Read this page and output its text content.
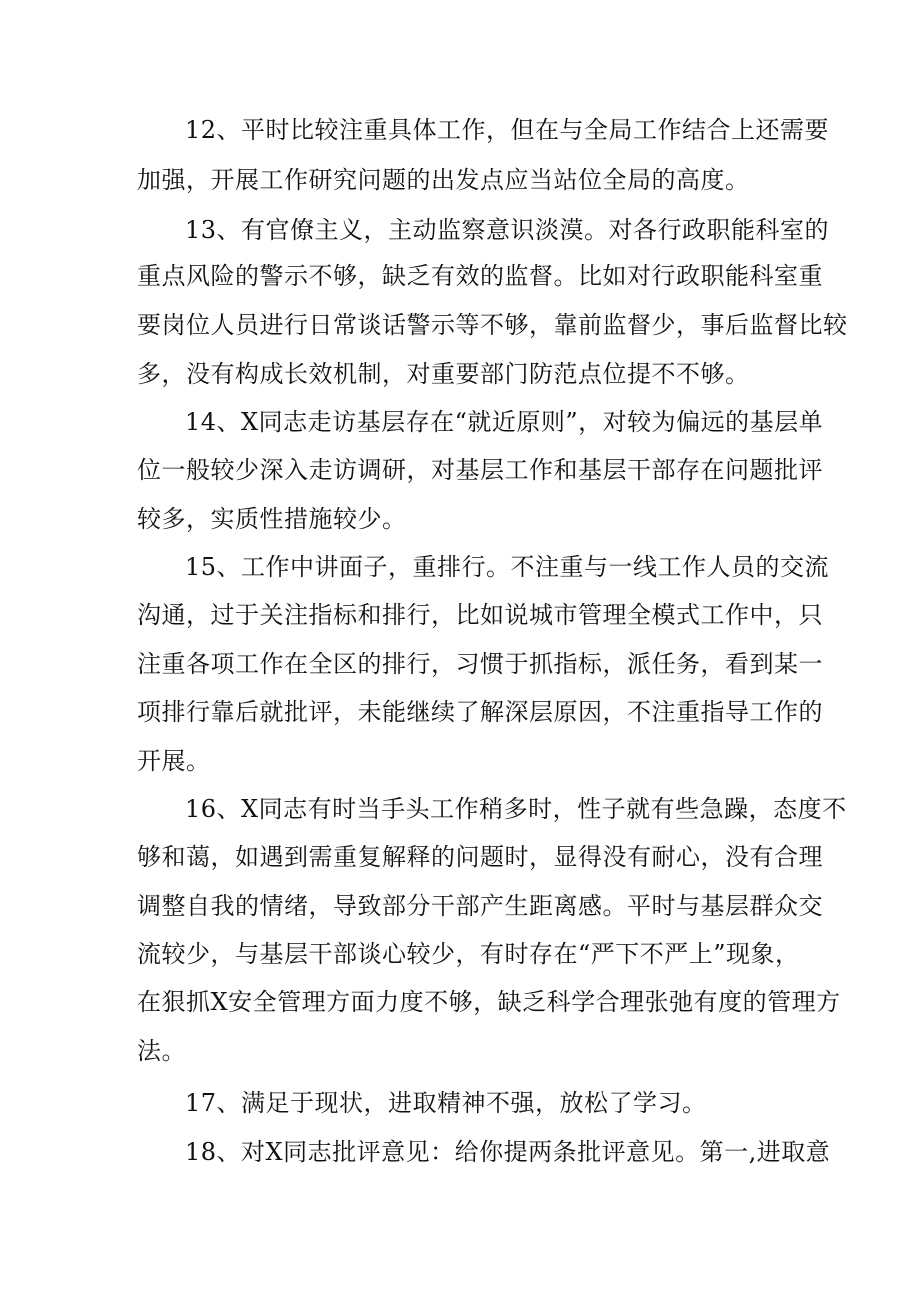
12、平时比较注重具体工作，但在与全局工作结合上还需要
加强，开展工作研究问题的出发点应当站位全局的高度。
13、有官僚主义，主动监察意识淡漠。对各行政职能科室的
重点风险的警示不够，缺乏有效的监督。比如对行政职能科室重
要岗位人员进行日常谈话警示等不够，靠前监督少，事后监督比较
多，没有构成长效机制，对重要部门防范点位提不不够。
14、X同志走访基层存在“就近原则”，对较为偏远的基层单
位一般较少深入走访调研，对基层工作和基层干部存在问题批评
较多，实质性措施较少。
15、工作中讲面子，重排行。不注重与一线工作人员的交流
沟通，过于关注指标和排行，比如说城市管理全模式工作中，只
注重各项工作在全区的排行，习惯于抓指标，派任务，看到某一
项排行靠后就批评，未能继续了解深层原因，不注重指导工作的
开展。
16、X同志有时当手头工作稍多时，性子就有些急躁，态度不
够和蔼，如遇到需重复解释的问题时，显得没有耐心，没有合理
调整自我的情绪，导致部分干部产生距离感。平时与基层群众交
流较少，与基层干部谈心较少，有时存在“严下不严上”现象，
在狠抓X安全管理方面力度不够，缺乏科学合理张弛有度的管理方
法。
17、满足于现状，进取精神不强，放松了学习。
18、对X同志批评意见：给你提两条批评意见。第一,进取意
